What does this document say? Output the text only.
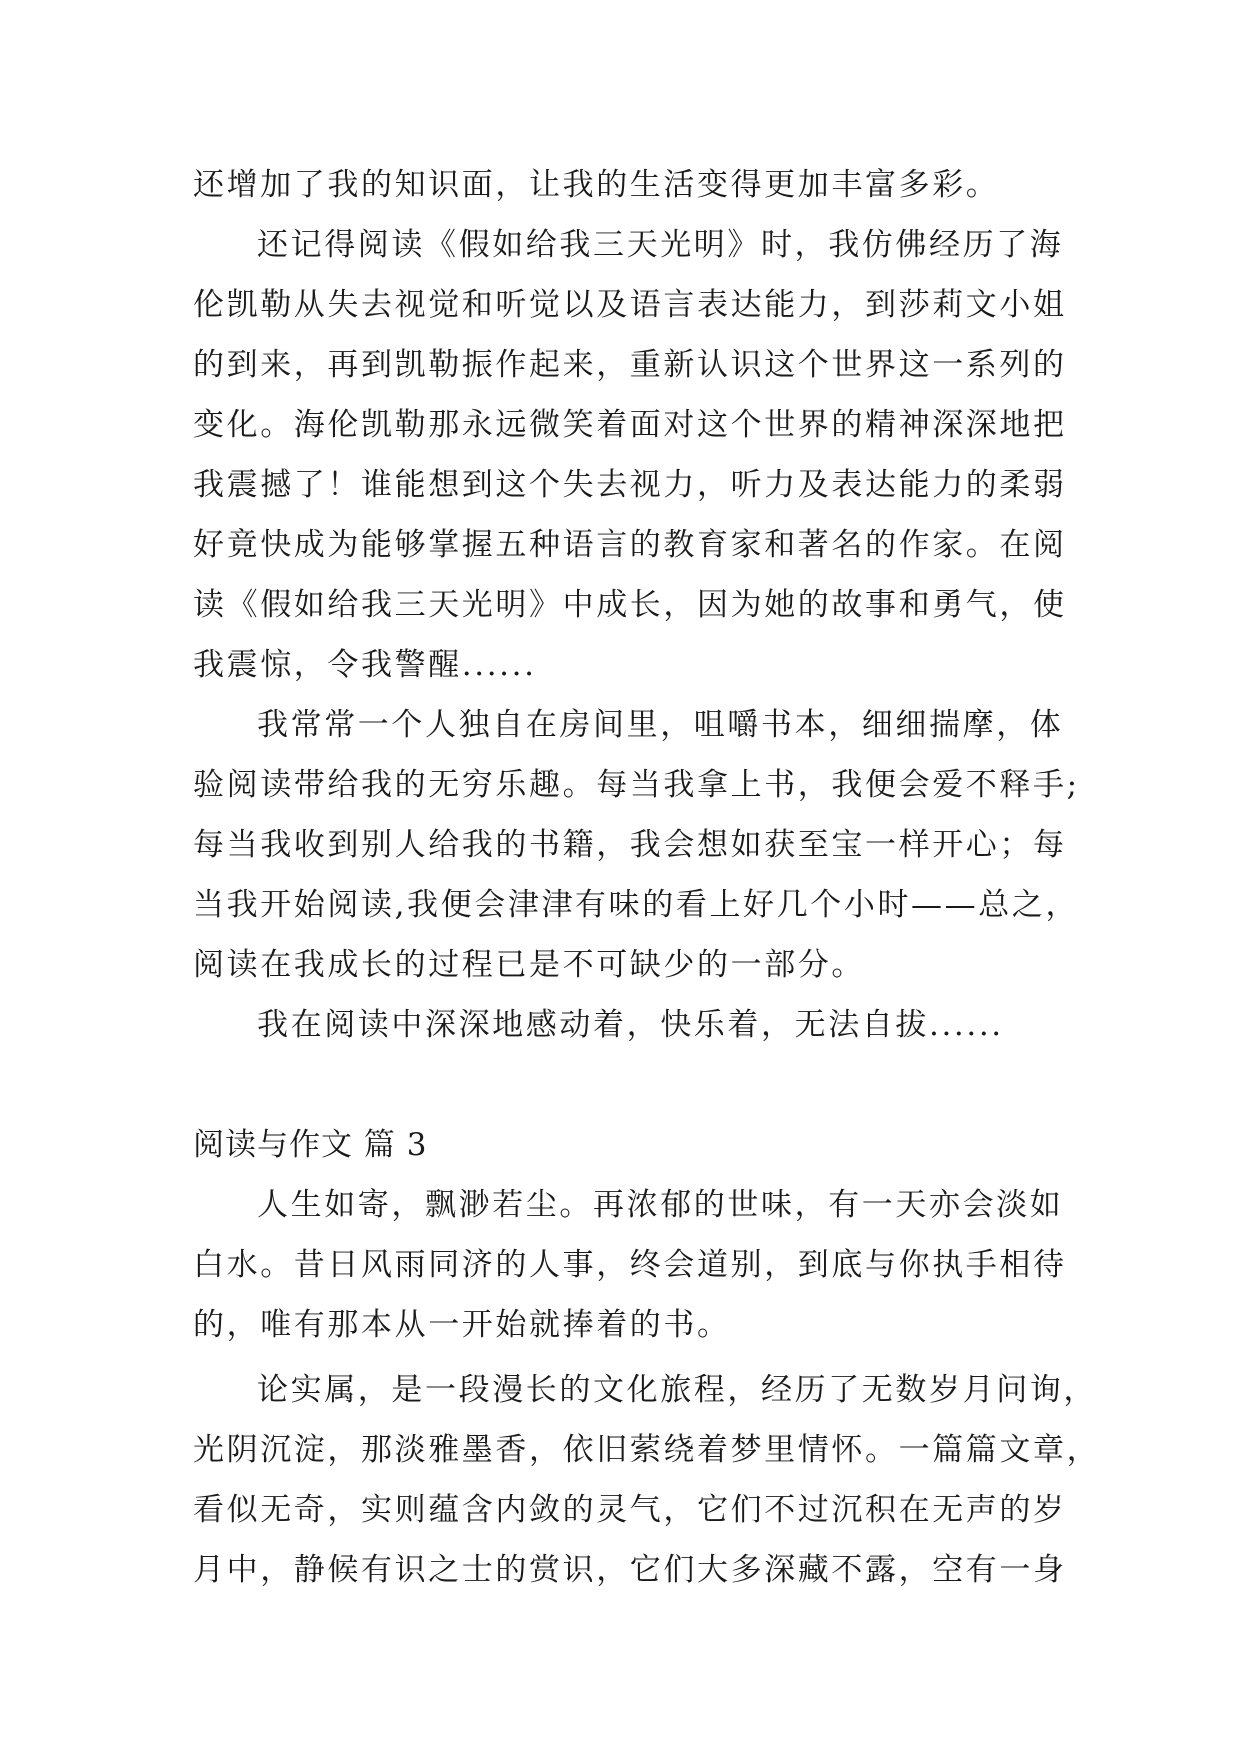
还增加了我的知识面，让我的生活变得更加丰富多彩。
还记得阅读《假如给我三天光明》时，我仿佛经历了海
伦凯勒从失去视觉和听觉以及语言表达能力，到莎莉文小姐
的到来，再到凯勒振作起来，重新认识这个世界这一系列的
变化。海伦凯勒那永远微笑着面对这个世界的精神深深地把
我震撼了！谁能想到这个失去视力，听力及表达能力的柔弱
好竟快成为能够掌握五种语言的教育家和著名的作家。在阅
读《假如给我三天光明》中成长，因为她的故事和勇气，使
我震惊，令我警醒......
我常常一个人独自在房间里，咀嚼书本，细细揣摩，体
验阅读带给我的无穷乐趣。每当我拿上书，我便会爱不释手;
每当我收到别人给我的书籍，我会想如获至宝一样开心；每
当我开始阅读,我便会津津有味的看上好几个小时——总之，
阅读在我成长的过程已是不可缺少的一部分。
我在阅读中深深地感动着，快乐着，无法自拔......
阅读与作文 篇 3
人生如寄，飘渺若尘。再浓郁的世味，有一天亦会淡如
白水。昔日风雨同济的人事，终会道别，到底与你执手相待
的，唯有那本从一开始就捧着的书。
论实属，是一段漫长的文化旅程，经历了无数岁月问询，
光阴沉淀，那淡雅墨香，依旧萦绕着梦里情怀。一篇篇文章，
看似无奇，实则蕴含内敛的灵气，它们不过沉积在无声的岁
月中，静候有识之士的赏识，它们大多深藏不露，空有一身
